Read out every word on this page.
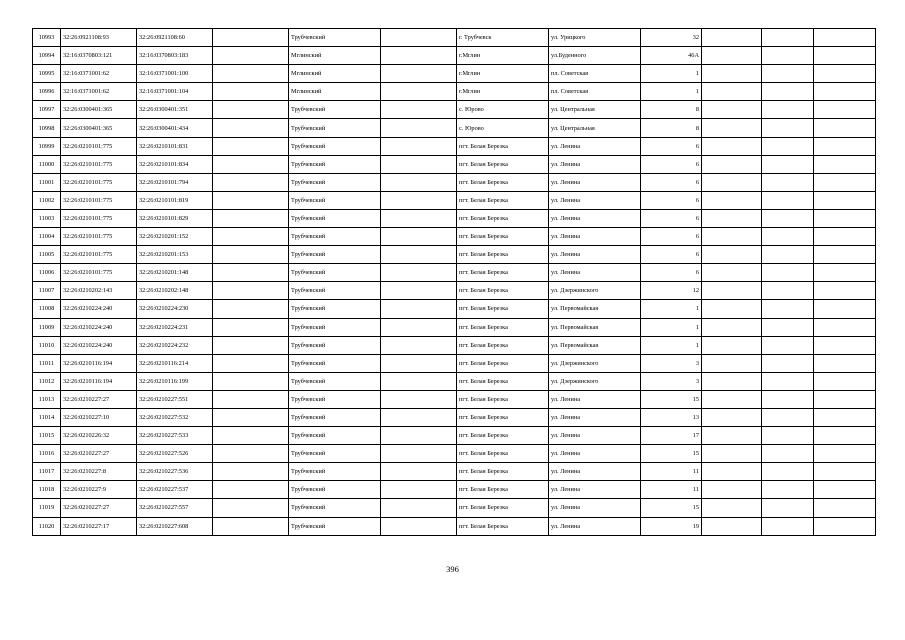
10993	32:26:0921108:93	32:26:0921108:60		Трубчевский		г. Трубчевск	ул. Урицкого	32			
10994	32:16:0370803:121	32:16:0370803:183		Мглинский		г.Мглин	ул.Буденного	46А			
10995	32:16:0371001:62	32:16:0371001:100		Мглинский		г.Мглин	пл. Советская	1			
10996	32:16:0371001:62	32:16:0371001:104		Мглинский		г.Мглин	пл. Советская	1			
10997	32:26:0300401:365	32:26:0300401:351		Трубчевский		с. Юрово	ул. Центральная	8			
10998	32:26:0300401:365	32:26:0300401:434		Трубчевский		с. Юрово	ул. Центральная	8			
10999	32:26:0210101:775	32:26:0210101:831		Трубчевский		пгт. Белая Березка	ул. Ленина	6			
11000	32:26:0210101:775	32:26:0210101:834		Трубчевский		пгт. Белая Березка	ул. Ленина	6			
11001	32:26:0210101:775	32:26:0210101:794		Трубчевский		пгт. Белая Березка	ул. Ленина	6			
11002	32:26:0210101:775	32:26:0210101:819		Трубчевский		пгт. Белая Березка	ул. Ленина	6			
11003	32:26:0210101:775	32:26:0210101:829		Трубчевский		пгт. Белая Березка	ул. Ленина	6			
11004	32:26:0210101:775	32:26:0210201:152		Трубчевский		пгт. Белая Березка	ул. Ленина	6			
11005	32:26:0210101:775	32:26:0210201:153		Трубчевский		пгт. Белая Березка	ул. Ленина	6			
11006	32:26:0210101:775	32:26:0210201:148		Трубчевский		пгт. Белая Березка	ул. Ленина	6			
11007	32:26:0210202:143	32:26:0210202:148		Трубчевский		пгт. Белая Березка	ул. Дзержинского	12			
11008	32:26:0210224:240	32:26:0210224:230		Трубчевский		пгт. Белая Березка	ул. Первомайская	1			
11009	32:26:0210224:240	32:26:0210224:231		Трубчевский		пгт. Белая Березка	ул. Первомайская	1			
11010	32:26:0210224:240	32:26:0210224:232		Трубчевский		пгт. Белая Березка	ул. Первомайская	1			
11011	32:26:0210116:194	32:26:0210116:214		Трубчевский		пгт. Белая Березка	ул. Дзержинского	3			
11012	32:26:0210116:194	32:26:0210116:199		Трубчевский		пгт. Белая Березка	ул. Дзержинского	3			
11013	32:26:0210227:27	32:26:0210227:551		Трубчевский		пгт. Белая Березка	ул. Ленина	15			
11014	32:26:0210227:10	32:26:0210227:532		Трубчевский		пгт. Белая Березка	ул. Ленина	13			
11015	32:26:0210226:32	32:26:0210227:533		Трубчевский		пгт. Белая Березка	ул. Ленина	17			
11016	32:26:0210227:27	32:26:0210227:526		Трубчевский		пгт. Белая Березка	ул. Ленина	15			
11017	32:26:0210227:8	32:26:0210227:536		Трубчевский		пгт. Белая Березка	ул. Ленина	11			
11018	32:26:0210227:9	32:26:0210227:537		Трубчевский		пгт. Белая Березка	ул. Ленина	11			
11019	32:26:0210227:27	32:26:0210227:557		Трубчевский		пгт. Белая Березка	ул. Ленина	15			
11020	32:26:0210227:17	32:26:0210227:608		Трубчевский		пгт. Белая Березка	ул. Ленина	19			
396
